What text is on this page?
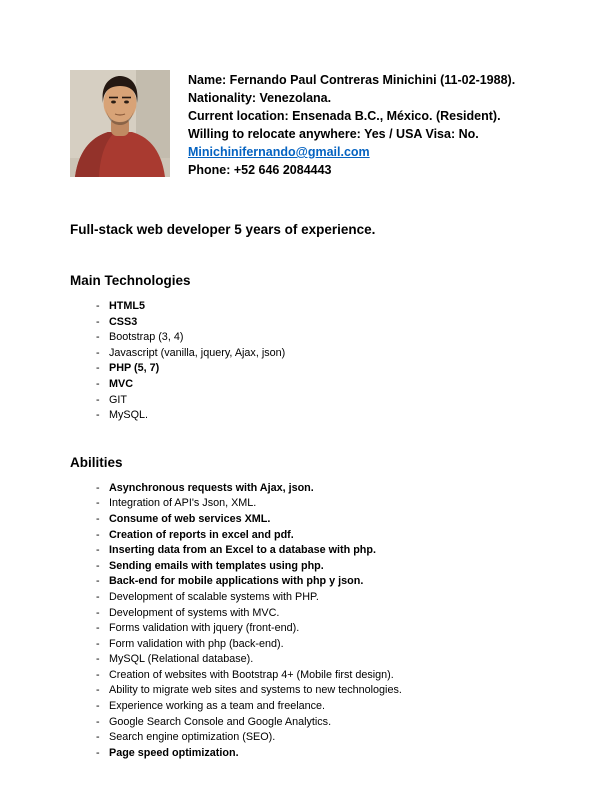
Name: Fernando Paul Contreras Minichini (11-02-1988).
Nationality: Venezolana.
Current location: Ensenada B.C., México. (Resident).
Willing to relocate anywhere: Yes / USA Visa: No.
Minichinifernando@gmail.com
Phone: +52 646 2084443
Full-stack web developer 5 years of experience.
Main Technologies
- HTML5
- CSS3
- Bootstrap (3, 4)
- Javascript (vanilla, jquery, Ajax, json)
- PHP (5, 7)
- MVC
- GIT
- MySQL.
Abilities
- Asynchronous requests with Ajax, json.
- Integration of API's Json, XML.
- Consume of web services XML.
- Creation of reports in excel and pdf.
- Inserting data from an Excel to a database with php.
- Sending emails with templates using php.
- Back-end for mobile applications with php y json.
- Development of scalable systems with PHP.
- Development of systems with MVC.
- Forms validation with jquery (front-end).
- Form validation with php (back-end).
- MySQL (Relational database).
- Creation of websites with Bootstrap 4+ (Mobile first design).
- Ability to migrate web sites and systems to new technologies.
- Experience working as a team and freelance.
- Google Search Console and Google Analytics.
- Search engine optimization (SEO).
- Page speed optimization.
